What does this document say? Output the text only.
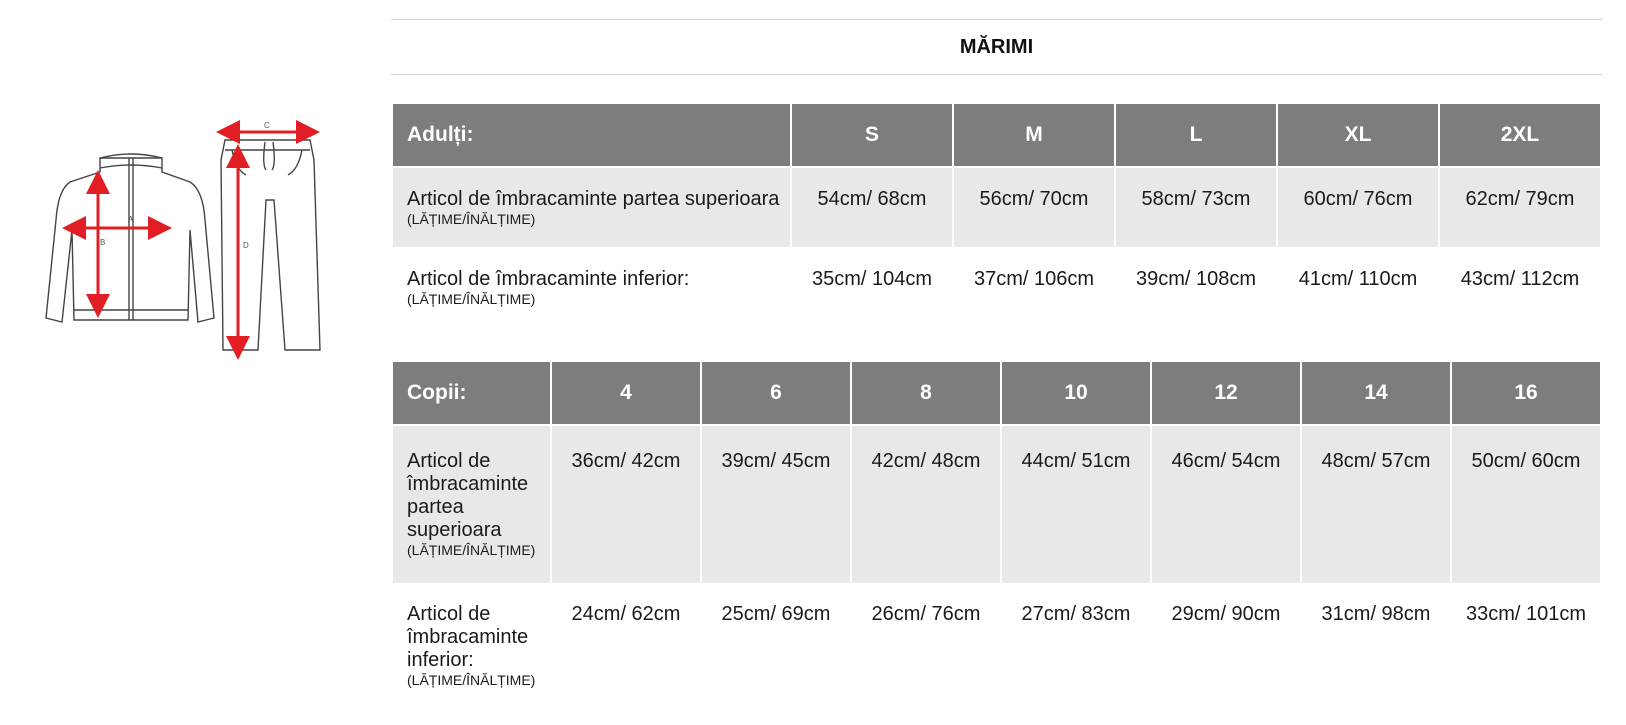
A
B
C
D
MĂRIMI
Adulți:	S	M	L	XL	2XL
Articol de îmbracaminte partea superioara
(LĂȚIME/ÎNĂLȚIME)	54cm/ 68cm	56cm/ 70cm	58cm/ 73cm	60cm/ 76cm	62cm/ 79cm
Articol de îmbracaminte inferior:
(LĂȚIME/ÎNĂLȚIME)	35cm/ 104cm	37cm/ 106cm	39cm/ 108cm	41cm/ 110cm	43cm/ 112cm
Copii:	4	6	8	10	12	14	16
Articol de îmbracaminte partea superioara
(LĂȚIME/ÎNĂLȚIME)	36cm/ 42cm	39cm/ 45cm	42cm/ 48cm	44cm/ 51cm	46cm/ 54cm	48cm/ 57cm	50cm/ 60cm
Articol de îmbracaminte inferior:
(LĂȚIME/ÎNĂLȚIME)	24cm/ 62cm	25cm/ 69cm	26cm/ 76cm	27cm/ 83cm	29cm/ 90cm	31cm/ 98cm	33cm/ 101cm
